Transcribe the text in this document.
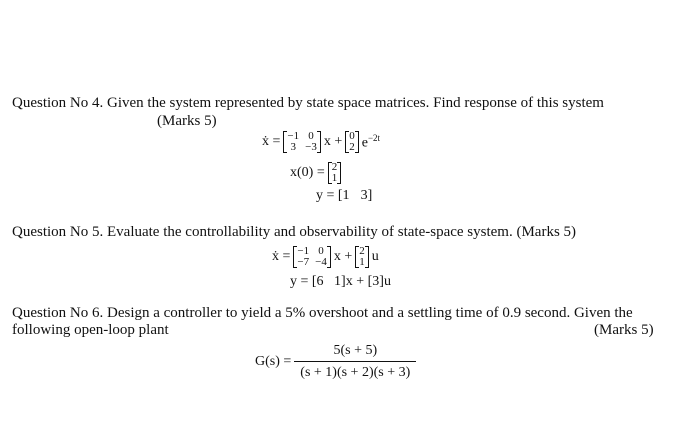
Question No 4. Given the system represented by state space matrices. Find response of this system
(Marks 5)
ẋ = −1 0
3 −3 x + 0
2 $e^{-2t}$
x(0) = 2
1
y = [1 3]
Question No 5. Evaluate the controllability and observability of state-space system. (Marks 5)
ẋ = −1 0
−7 −4 x + 2
1 u
y = [6   1]x + [3]u
Question No 6. Design a controller to yield a 5% overshoot and a settling time of 0.9 second. Given the
following open-loop plant	(Marks 5)
$G(s) = \frac{5(s + 5)}{(s + 1)(s + 2)(s + 3)}$
